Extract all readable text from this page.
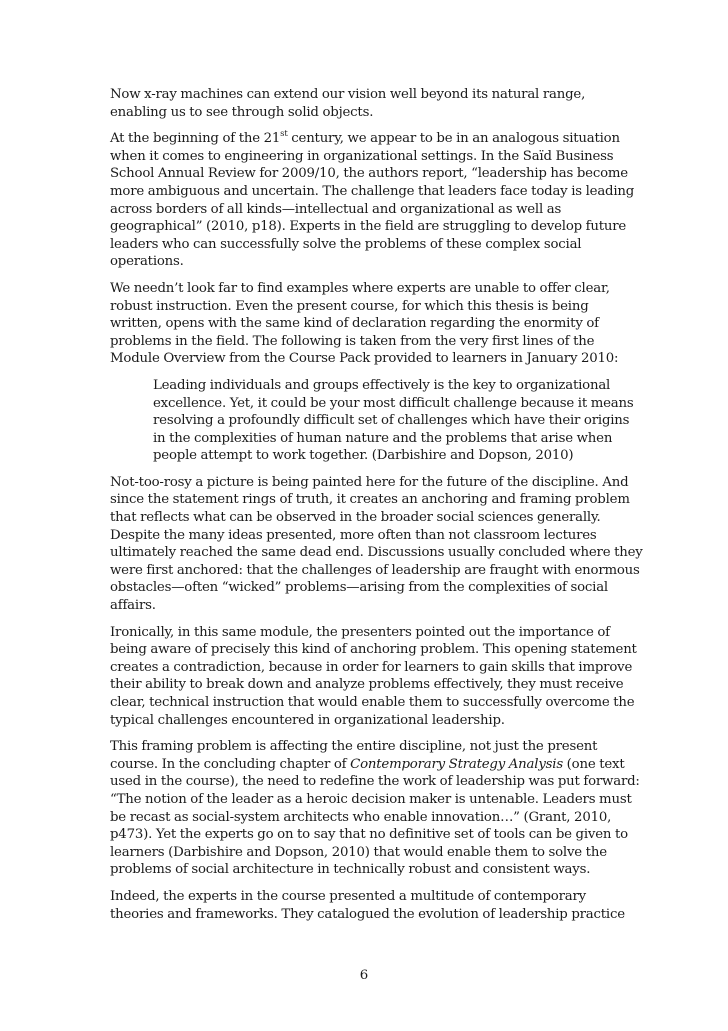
Now x-ray machines can extend our vision well beyond its natural range,
enabling us to see through solid objects.

At the beginning of the 21st century, we appear to be in an analogous situation
when it comes to engineering in organizational settings. In the Saïd Business
School Annual Review for 2009/10, the authors report, “leadership has become
more ambiguous and uncertain. The challenge that leaders face today is leading
across borders of all kinds—intellectual and organizational as well as
geographical” (2010, p18). Experts in the field are struggling to develop future
leaders who can successfully solve the problems of these complex social
operations.

We needn’t look far to find examples where experts are unable to offer clear,
robust instruction. Even the present course, for which this thesis is being
written, opens with the same kind of declaration regarding the enormity of
problems in the field. The following is taken from the very first lines of the
Module Overview from the Course Pack provided to learners in January 2010:

Leading individuals and groups effectively is the key to organizational
excellence. Yet, it could be your most difficult challenge because it means
resolving a profoundly difficult set of challenges which have their origins
in the complexities of human nature and the problems that arise when
people attempt to work together. (Darbishire and Dopson, 2010)

Not-too-rosy a picture is being painted here for the future of the discipline. And
since the statement rings of truth, it creates an anchoring and framing problem
that reflects what can be observed in the broader social sciences generally.
Despite the many ideas presented, more often than not classroom lectures
ultimately reached the same dead end. Discussions usually concluded where they
were first anchored: that the challenges of leadership are fraught with enormous
obstacles—often “wicked” problems—arising from the complexities of social
affairs.

Ironically, in this same module, the presenters pointed out the importance of
being aware of precisely this kind of anchoring problem. This opening statement
creates a contradiction, because in order for learners to gain skills that improve
their ability to break down and analyze problems effectively, they must receive
clear, technical instruction that would enable them to successfully overcome the
typical challenges encountered in organizational leadership.

This framing problem is affecting the entire discipline, not just the present
course. In the concluding chapter of Contemporary Strategy Analysis (one text
used in the course), the need to redefine the work of leadership was put forward:
“The notion of the leader as a heroic decision maker is untenable. Leaders must
be recast as social-system architects who enable innovation…” (Grant, 2010,
p473). Yet the experts go on to say that no definitive set of tools can be given to
learners (Darbishire and Dopson, 2010) that would enable them to solve the
problems of social architecture in technically robust and consistent ways.

Indeed, the experts in the course presented a multitude of contemporary
theories and frameworks. They catalogued the evolution of leadership practice

6
